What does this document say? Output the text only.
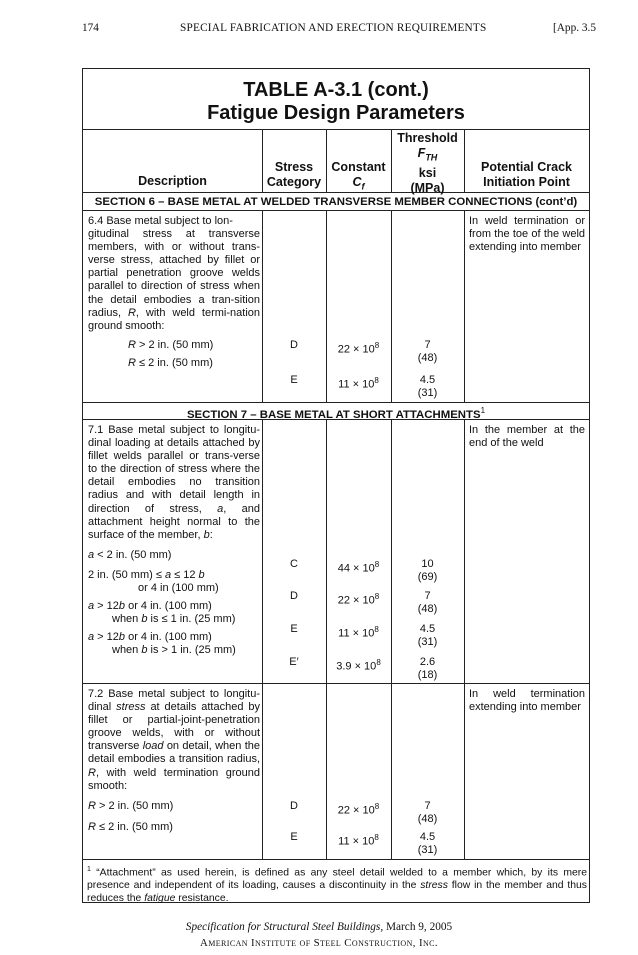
174	SPECIAL FABRICATION AND ERECTION REQUIREMENTS	[App. 3.5
TABLE A-3.1 (cont.)
Fatigue Design Parameters
Description
Stress
Category
Constant
$C_f$
Threshold
$F_{TH}$
ksi
(MPa)
Potential Crack
Initiation Point
SECTION 6 – BASE METAL AT WELDED TRANSVERSE MEMBER CONNECTIONS (cont’d)
6.4 Base metal subject to lon-
gitudinal stress at transverse members, with or without trans-verse stress, attached by fillet or partial penetration groove welds parallel to direction of stress when the detail embodies a tran-sition radius, R, with weld termi-nation ground smooth:
R > 2 in. (50 mm)
R ≤ 2 in. (50 mm)
D
E
$22 \times 10^8$
$11 \times 10^8$
7
(48)
4.5
(31)
In weld termination or from the toe of the weld extending into member
SECTION 7 – BASE METAL AT SHORT ATTACHMENTS$^1$
7.1 Base metal subject to longitu-dinal loading at details attached by fillet welds parallel or trans-verse to the direction of stress where the detail embodies no transition radius and with detail length in direction of stress, a, and attachment height normal to the surface of the member, b:
a < 2 in. (50 mm)
2 in. (50 mm) ≤ a ≤ 12 b
or 4 in (100 mm)
a > 12b or 4 in. (100 mm)
when b is ≤ 1 in. (25 mm)
a > 12b or 4 in. (100 mm)
when b is > 1 in. (25 mm)
C
D
E
E′
$44 \times 10^8$
$22 \times 10^8$
$11 \times 10^8$
$3.9 \times 10^8$
10
(69)
7
(48)
4.5
(31)
2.6
(18)
In the member at the end of the weld
7.2 Base metal subject to longitu-dinal stress at details attached by fillet or partial-joint-penetration groove welds, with or without transverse load on detail, when the detail embodies a transition radius, R, with weld termination ground smooth:
R > 2 in. (50 mm)
R ≤ 2 in. (50 mm)
D
E
$22 \times 10^8$
$11 \times 10^8$
7
(48)
4.5
(31)
In weld termination extending into member
$^1$ “Attachment” as used herein, is defined as any steel detail welded to a member which, by its mere presence and independent of its loading, causes a discontinuity in the stress flow in the member and thus reduces the fatigue resistance.
Specification for Structural Steel Buildings, March 9, 2005
American Institute of Steel Construction, Inc.
